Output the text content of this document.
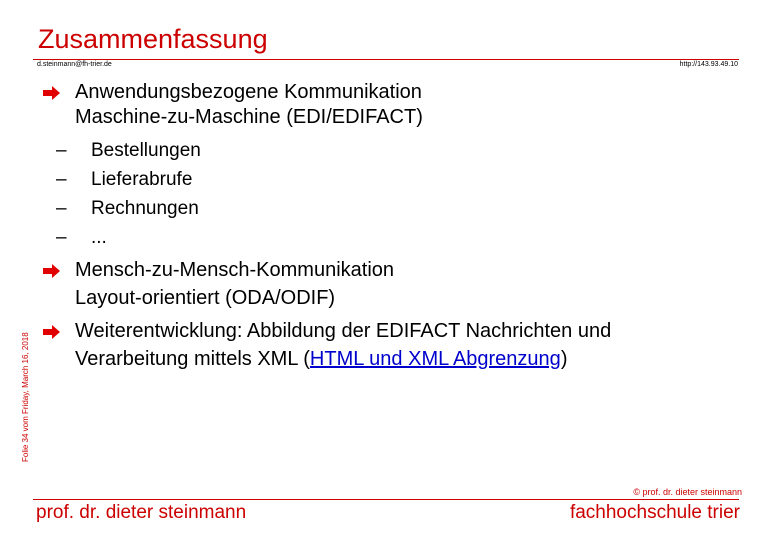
Zusammenfassung
d.steinmann@fh-trier.de	http://143.93.49.10
Folie 34 vom Friday, March 16, 2018
Anwendungsbezogene Kommunikation
Maschine-zu-Maschine (EDI/EDIFACT)
– Bestellungen
– Lieferabrufe
– Rechnungen
– ...
Mensch-zu-Mensch-Kommunikation
Layout-orientiert (ODA/ODIF)
Weiterentwicklung: Abbildung der EDIFACT Nachrichten und
Verarbeitung mittels XML (HTML und XML Abgrenzung)
© prof. dr. dieter steinmann
prof. dr. dieter steinmann	fachhochschule trier
